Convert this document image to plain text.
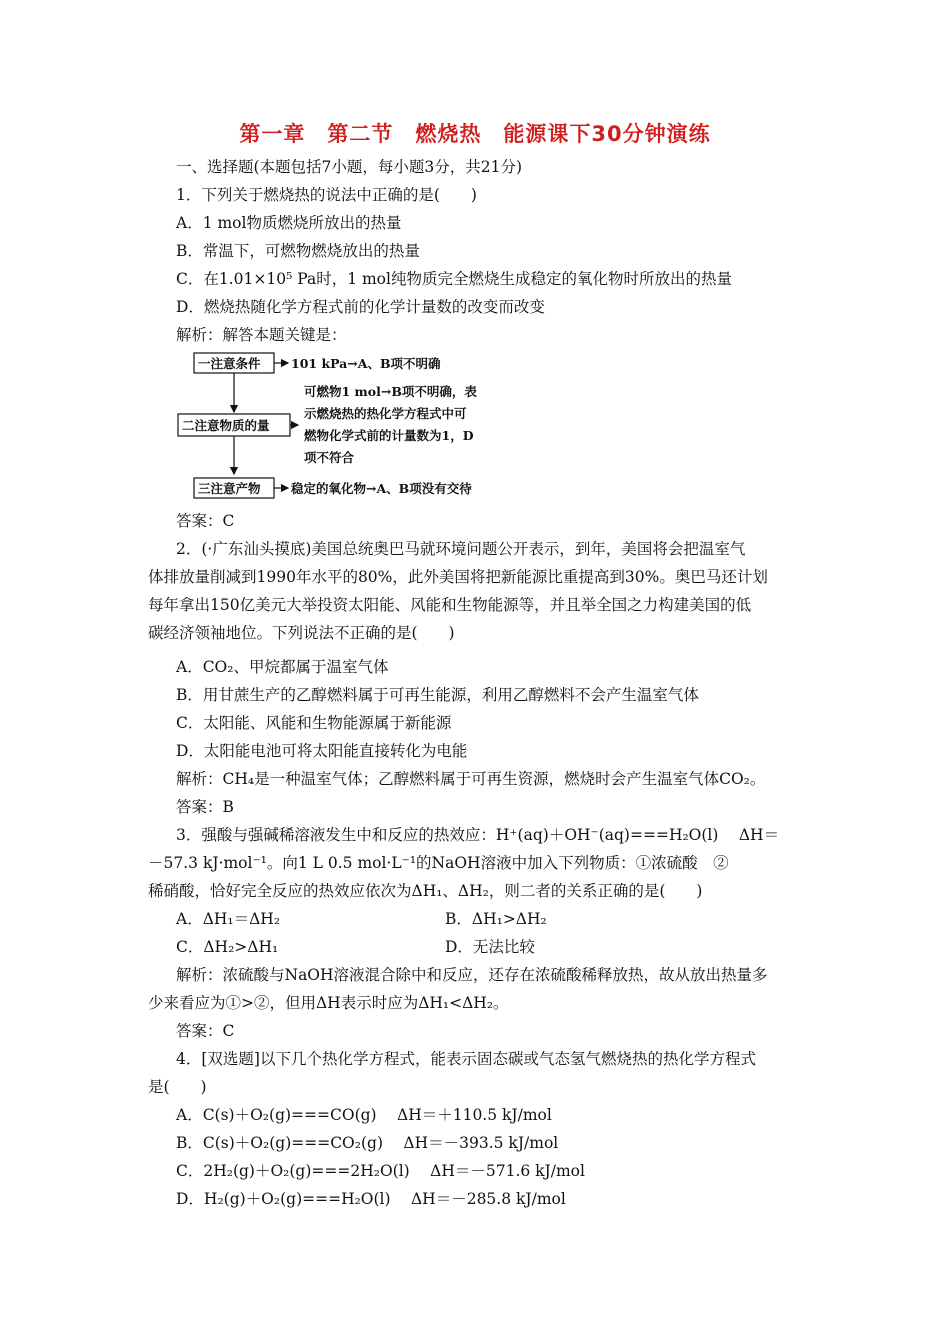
第一章　第二节　燃烧热　能源课下30分钟演练
一、选择题(本题包括7小题，每小题3分，共21分)
1．下列关于燃烧热的说法中正确的是(　　)
A．1 mol物质燃烧所放出的热量
B．常温下，可燃物燃烧放出的热量
C．在1.01×10⁵ Pa时，1 mol纯物质完全燃烧生成稳定的氧化物时所放出的热量
D．燃烧热随化学方程式前的化学计量数的改变而改变
解析：解答本题关键是：
答案：C
2．(·广东汕头摸底)美国总统奥巴马就环境问题公开表示，到年，美国将会把温室气
体排放量削减到1990年水平的80%，此外美国将把新能源比重提高到30%。奥巴马还计划
每年拿出150亿美元大举投资太阳能、风能和生物能源等，并且举全国之力构建美国的低
碳经济领袖地位。下列说法不正确的是(　　)
A．CO₂、甲烷都属于温室气体
B．用甘蔗生产的乙醇燃料属于可再生能源，利用乙醇燃料不会产生温室气体
C．太阳能、风能和生物能源属于新能源
D．太阳能电池可将太阳能直接转化为电能
解析：CH₄是一种温室气体；乙醇燃料属于可再生资源，燃烧时会产生温室气体CO₂。
答案：B
3．强酸与强碱稀溶液发生中和反应的热效应：H⁺(aq)＋OH⁻(aq)===H₂O(l)　 ΔH＝
－57.3 kJ·mol⁻¹。向1 L 0.5 mol·L⁻¹的NaOH溶液中加入下列物质：①浓硫酸　②
稀硝酸，恰好完全反应的热效应依次为ΔH₁、ΔH₂，则二者的关系正确的是(　　)
A．ΔH₁＝ΔH₂	B．ΔH₁>ΔH₂
C．ΔH₂>ΔH₁	D．无法比较
解析：浓硫酸与NaOH溶液混合除中和反应，还存在浓硫酸稀释放热，故从放出热量多
少来看应为①>②，但用ΔH表示时应为ΔH₁<ΔH₂。
答案：C
4．[双选题]以下几个热化学方程式，能表示固态碳或气态氢气燃烧热的热化学方程式
是(　　)
A．C(s)＋O₂(g)===CO(g)　 ΔH＝＋110.5 kJ/mol
B．C(s)＋O₂(g)===CO₂(g)　 ΔH＝－393.5 kJ/mol
C．2H₂(g)＋O₂(g)===2H₂O(l)　 ΔH＝－571.6 kJ/mol
D．H₂(g)＋O₂(g)===H₂O(l)　 ΔH＝－285.8 kJ/mol
一注意条件 101 kPa→A、B项不明确
二注意物质的量
可燃物1 mol→B项不明确，表
示燃烧热的热化学方程式中可
燃物化学式前的计量数为1，D
项不符合
三注意产物 稳定的氧化物→A、B项没有交待
